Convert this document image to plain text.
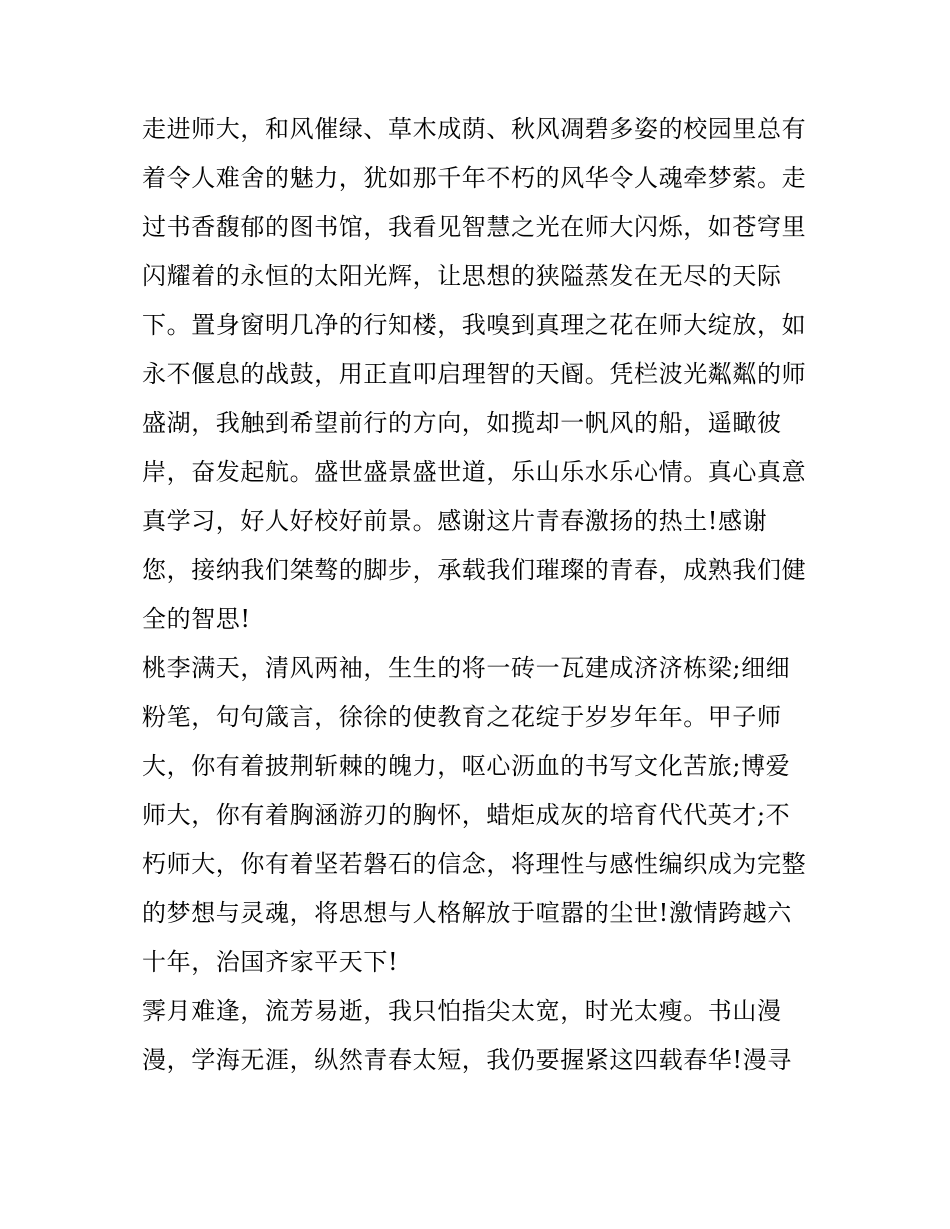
走进师大，和风催绿、草木成荫、秋风凋碧多姿的校园里总有
着令人难舍的魅力，犹如那千年不朽的风华令人魂牵梦萦。走
过书香馥郁的图书馆，我看见智慧之光在师大闪烁，如苍穹里
闪耀着的永恒的太阳光辉，让思想的狭隘蒸发在无尽的天际
下。置身窗明几净的行知楼，我嗅到真理之花在师大绽放，如
永不偃息的战鼓，用正直叩启理智的天阍。凭栏波光粼粼的师
盛湖，我触到希望前行的方向，如揽却一帆风的船，遥瞰彼
岸，奋发起航。盛世盛景盛世道，乐山乐水乐心情。真心真意
真学习，好人好校好前景。感谢这片青春激扬的热土!感谢
您，接纳我们桀骜的脚步，承载我们璀璨的青春，成熟我们健
全的智思!
桃李满天，清风两袖，生生的将一砖一瓦建成济济栋梁;细细
粉笔，句句箴言，徐徐的使教育之花绽于岁岁年年。甲子师
大，你有着披荆斩棘的魄力，呕心沥血的书写文化苦旅;博爱
师大，你有着胸涵游刃的胸怀，蜡炬成灰的培育代代英才;不
朽师大，你有着坚若磐石的信念，将理性与感性编织成为完整
的梦想与灵魂，将思想与人格解放于喧嚣的尘世!激情跨越六
十年，治国齐家平天下!
霁月难逢，流芳易逝，我只怕指尖太宽，时光太瘦。书山漫
漫，学海无涯，纵然青春太短，我仍要握紧这四载春华!漫寻
